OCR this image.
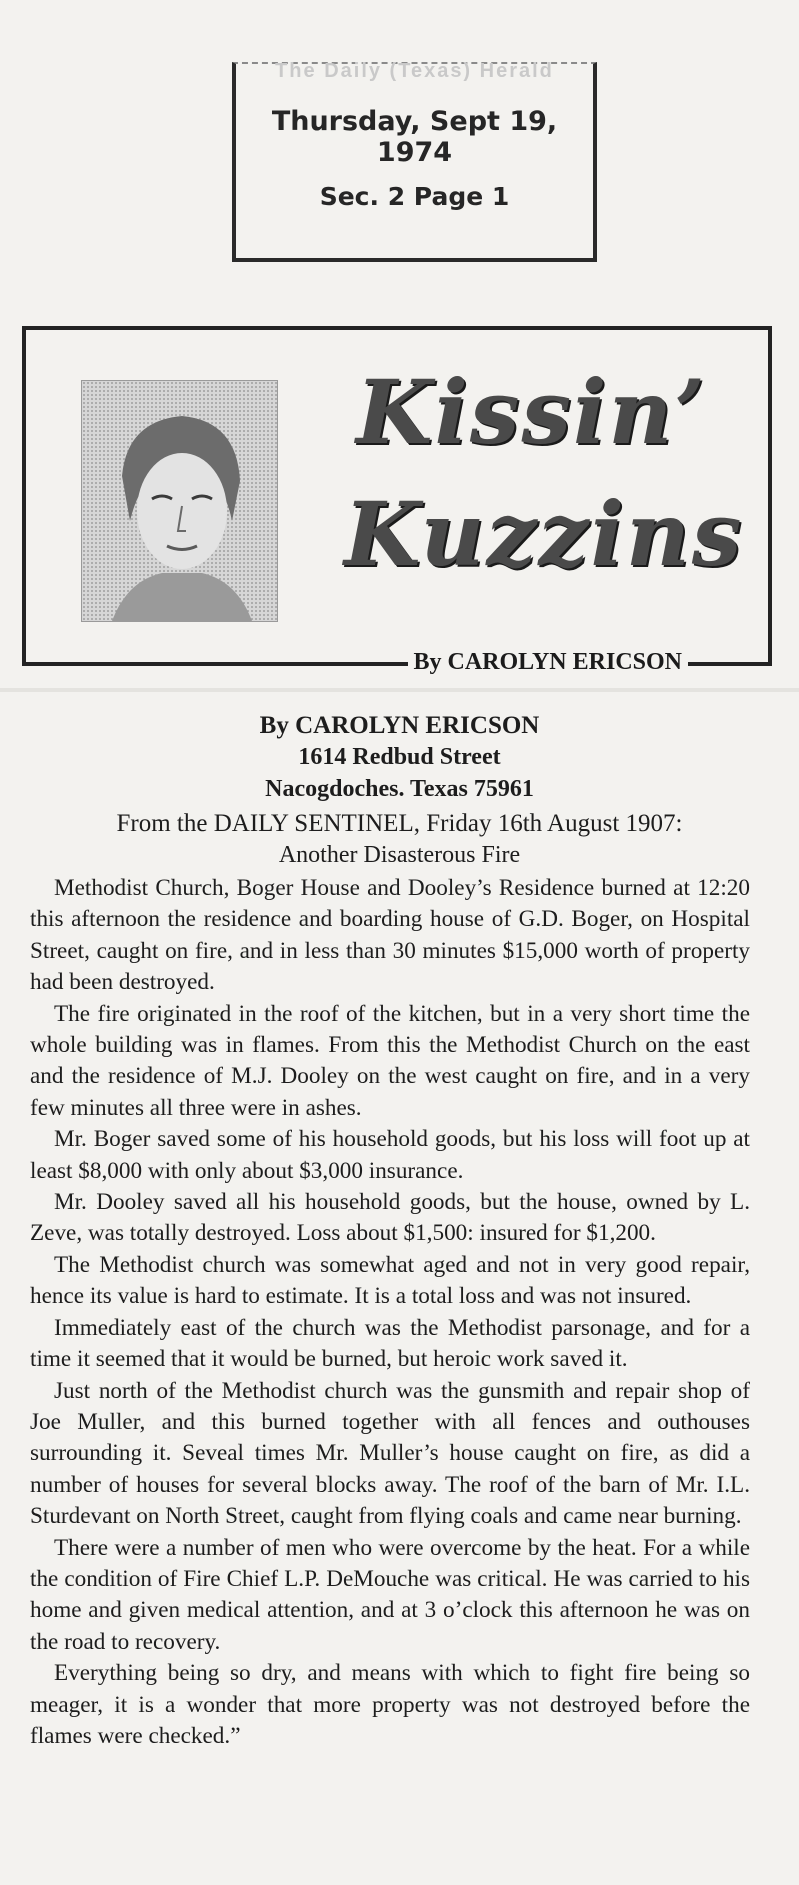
The Daily (Texas) Herald
Thursday, Sept 19, 1974
Sec. 2 Page 1
Kissin’
Kuzzins
By CAROLYN ERICSON
By CAROLYN ERICSON
1614 Redbud Street
Nacogdoches. Texas 75961
From the DAILY SENTINEL, Friday 16th August 1907:
Another Disasterous Fire

Methodist Church, Boger House and Dooley’s Residence burned at 12:20 this afternoon the residence and boarding house of G.D. Boger, on Hospital Street, caught on fire, and in less than 30 minutes $15,000 worth of property had been destroyed.

The fire originated in the roof of the kitchen, but in a very short time the whole building was in flames. From this the Methodist Church on the east and the residence of M.J. Dooley on the west caught on fire, and in a very few minutes all three were in ashes.

Mr. Boger saved some of his household goods, but his loss will foot up at least $8,000 with only about $3,000 insurance.

Mr. Dooley saved all his household goods, but the house, owned by L. Zeve, was totally destroyed. Loss about $1,500: insured for $1,200.

The Methodist church was somewhat aged and not in very good repair, hence its value is hard to estimate. It is a total loss and was not insured.

Immediately east of the church was the Methodist parsonage, and for a time it seemed that it would be burned, but heroic work saved it.

Just north of the Methodist church was the gunsmith and repair shop of Joe Muller, and this burned together with all fences and outhouses surrounding it. Seveal times Mr. Muller’s house caught on fire, as did a number of houses for several blocks away. The roof of the barn of Mr. I.L. Sturdevant on North Street, caught from flying coals and came near burning.

There were a number of men who were overcome by the heat. For a while the condition of Fire Chief L.P. DeMouche was critical. He was carried to his home and given medical attention, and at 3 o’clock this afternoon he was on the road to recovery.

Everything being so dry, and means with which to fight fire being so meager, it is a wonder that more property was not destroyed before the flames were checked.”
